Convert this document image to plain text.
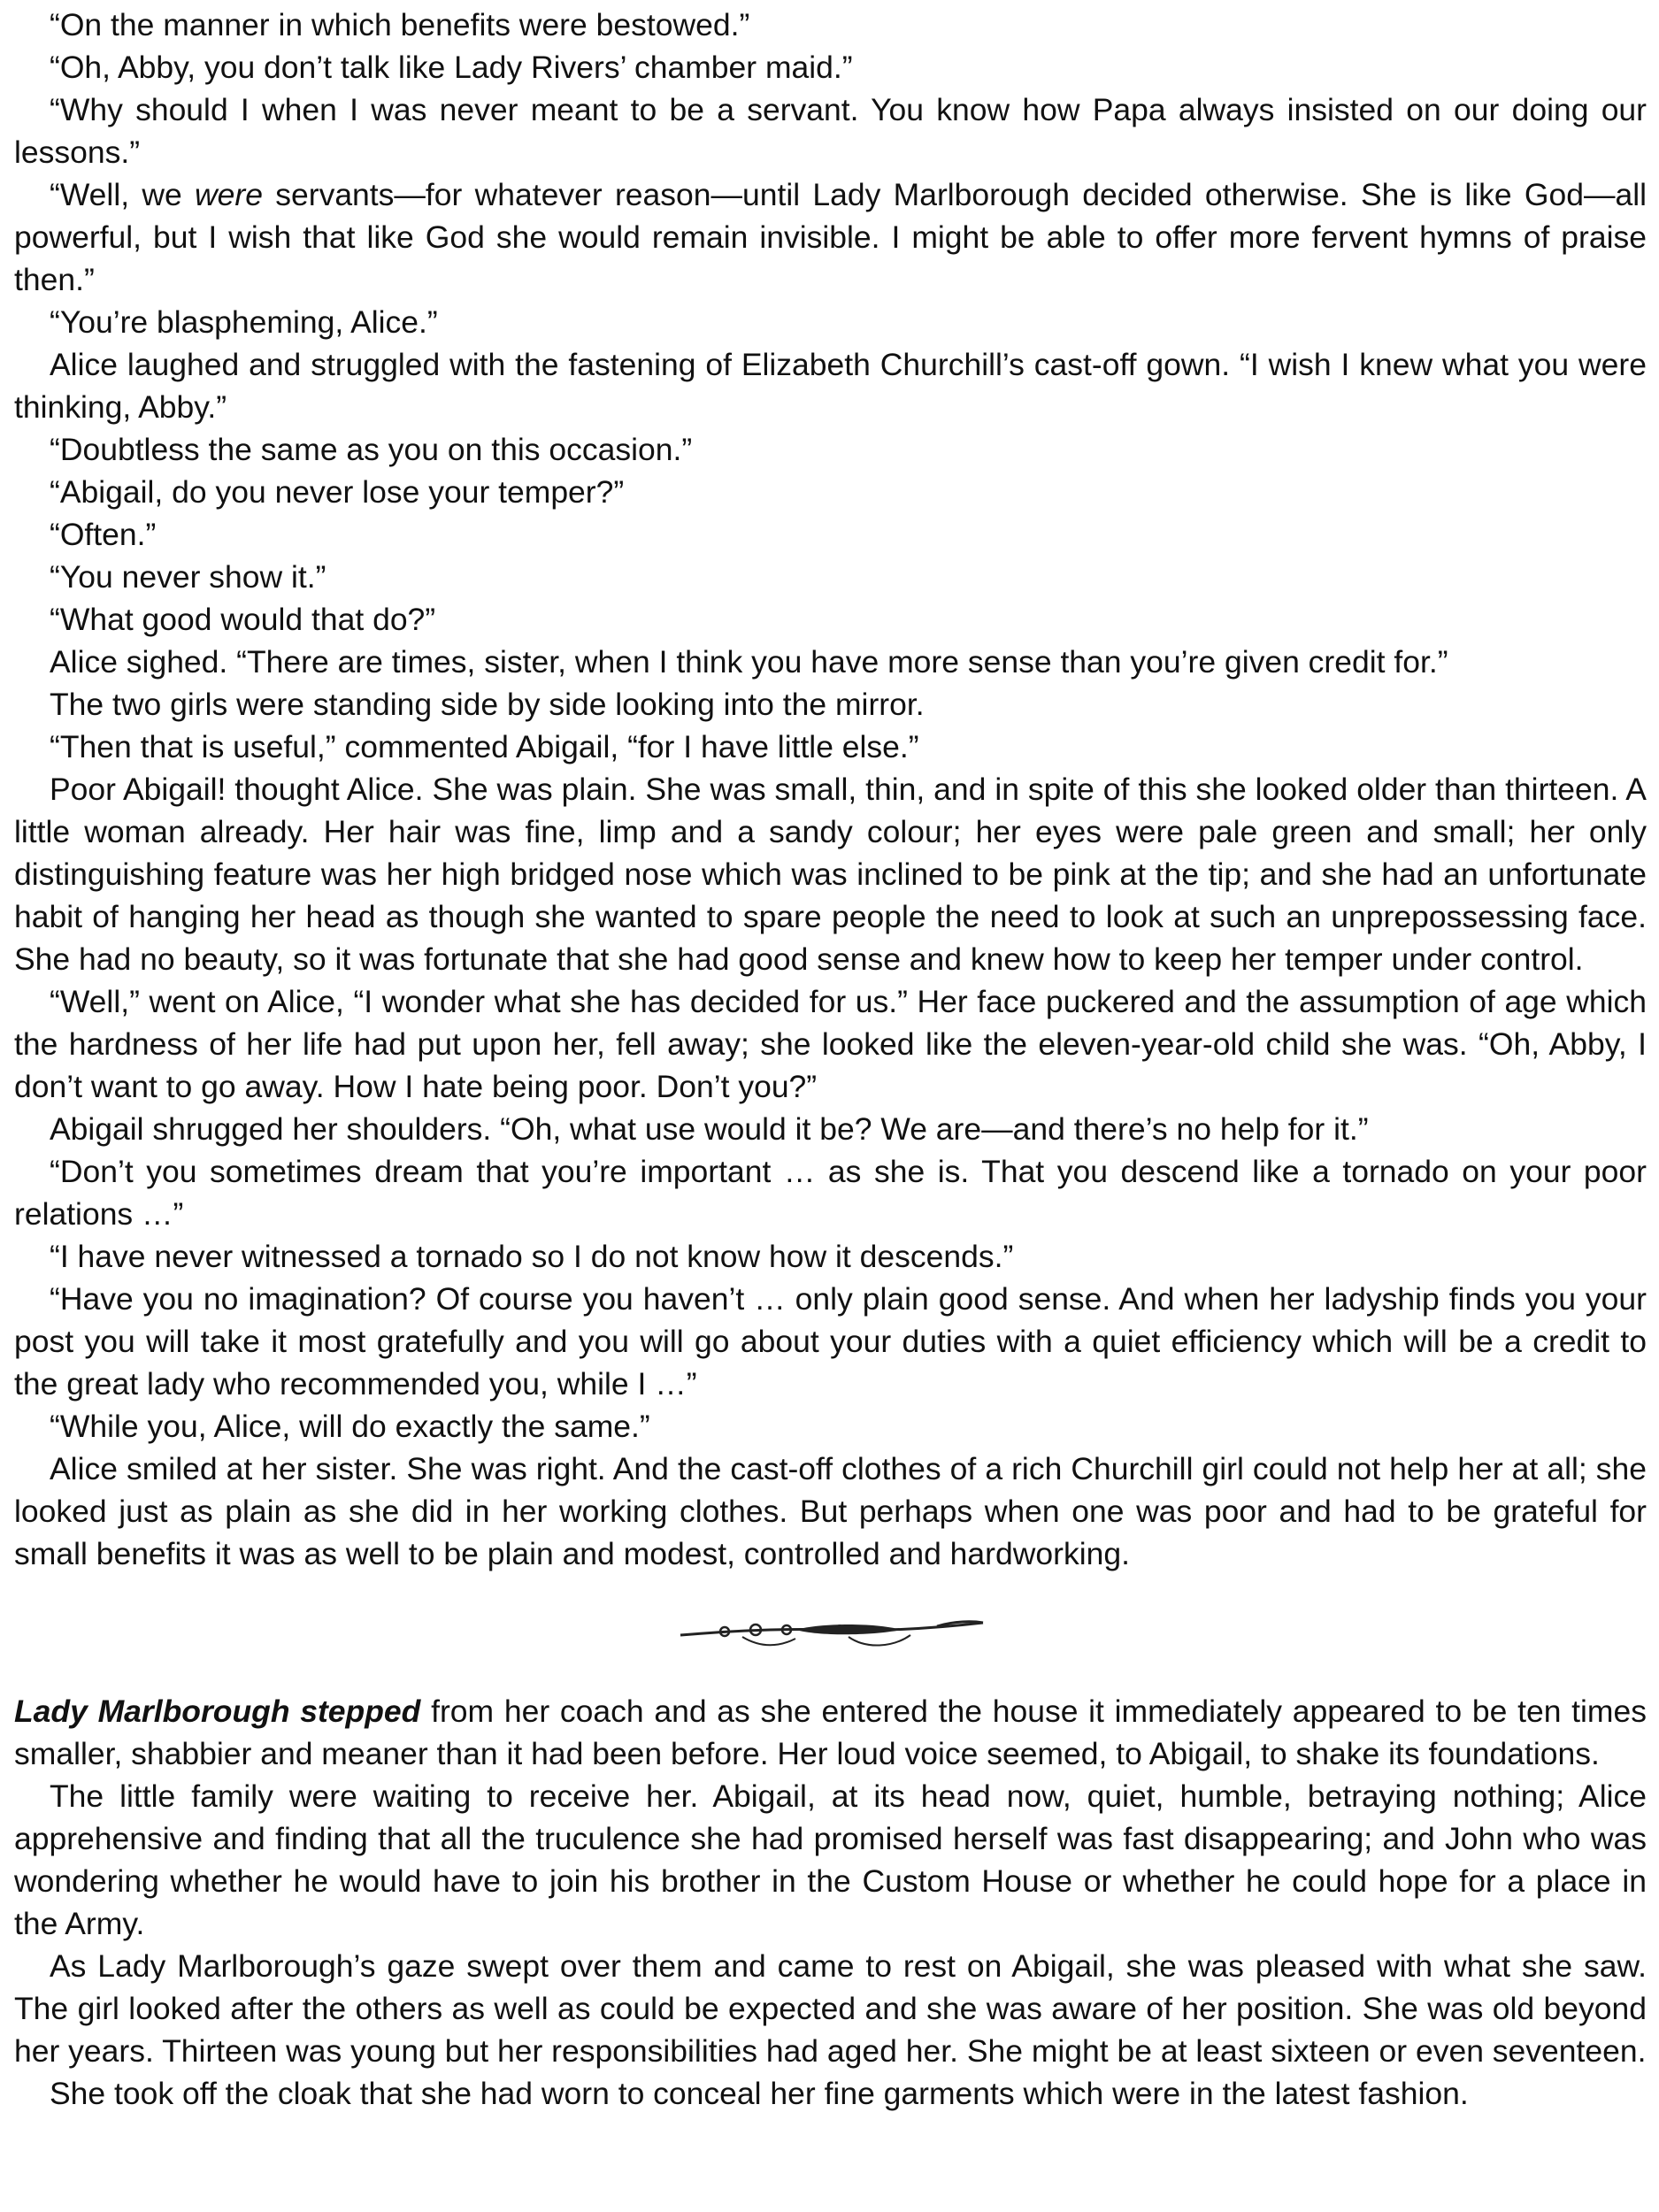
“On the manner in which benefits were bestowed.”

“Oh, Abby, you don’t talk like Lady Rivers’ chamber maid.”

“Why should I when I was never meant to be a servant. You know how Papa always insisted on our doing our lessons.”

“Well, we were servants—for whatever reason—until Lady Marlborough decided otherwise. She is like God—all powerful, but I wish that like God she would remain invisible. I might be able to offer more fervent hymns of praise then.”

“You’re blaspheming, Alice.”

Alice laughed and struggled with the fastening of Elizabeth Churchill’s cast-off gown. “I wish I knew what you were thinking, Abby.”

“Doubtless the same as you on this occasion.”

“Abigail, do you never lose your temper?”

“Often.”

“You never show it.”

“What good would that do?”

Alice sighed. “There are times, sister, when I think you have more sense than you’re given credit for.”

The two girls were standing side by side looking into the mirror.

“Then that is useful,” commented Abigail, “for I have little else.”

Poor Abigail! thought Alice. She was plain. She was small, thin, and in spite of this she looked older than thirteen. A little woman already. Her hair was fine, limp and a sandy colour; her eyes were pale green and small; her only distinguishing feature was her high bridged nose which was inclined to be pink at the tip; and she had an unfortunate habit of hanging her head as though she wanted to spare people the need to look at such an unprepossessing face. She had no beauty, so it was fortunate that she had good sense and knew how to keep her temper under control.

“Well,” went on Alice, “I wonder what she has decided for us.” Her face puckered and the assumption of age which the hardness of her life had put upon her, fell away; she looked like the eleven-year-old child she was. “Oh, Abby, I don’t want to go away. How I hate being poor. Don’t you?”

Abigail shrugged her shoulders. “Oh, what use would it be? We are—and there’s no help for it.”

“Don’t you sometimes dream that you’re important … as she is. That you descend like a tornado on your poor relations …”

“I have never witnessed a tornado so I do not know how it descends.”

“Have you no imagination? Of course you haven’t … only plain good sense. And when her ladyship finds you your post you will take it most gratefully and you will go about your duties with a quiet efficiency which will be a credit to the great lady who recommended you, while I …”

“While you, Alice, will do exactly the same.”

Alice smiled at her sister. She was right. And the cast-off clothes of a rich Churchill girl could not help her at all; she looked just as plain as she did in her working clothes. But perhaps when one was poor and had to be grateful for small benefits it was as well to be plain and modest, controlled and hardworking.

Lady Marlborough stepped from her coach and as she entered the house it immediately appeared to be ten times smaller, shabbier and meaner than it had been before. Her loud voice seemed, to Abigail, to shake its foundations.

The little family were waiting to receive her. Abigail, at its head now, quiet, humble, betraying nothing; Alice apprehensive and finding that all the truculence she had promised herself was fast disappearing; and John who was wondering whether he would have to join his brother in the Custom House or whether he could hope for a place in the Army.

As Lady Marlborough’s gaze swept over them and came to rest on Abigail, she was pleased with what she saw. The girl looked after the others as well as could be expected and she was aware of her position. She was old beyond her years. Thirteen was young but her responsibilities had aged her. She might be at least sixteen or even seventeen.

She took off the cloak that she had worn to conceal her fine garments which were in the latest fashion.
